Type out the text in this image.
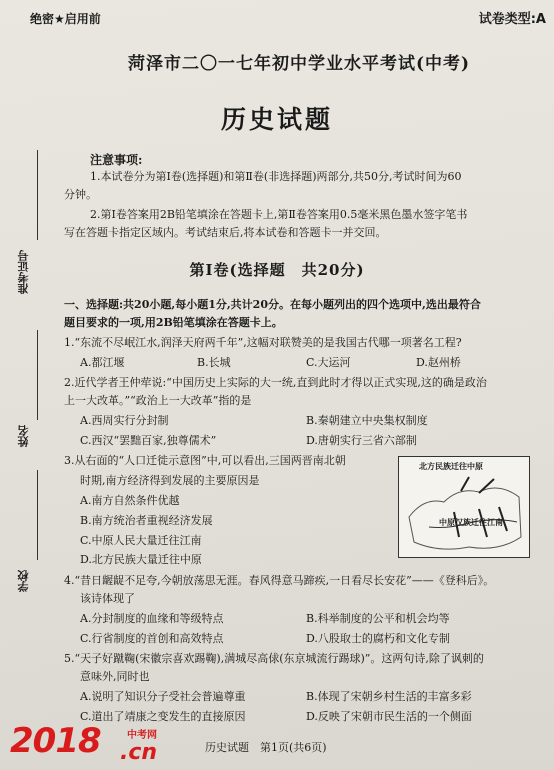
绝密★启用前	试卷类型:A
菏泽市二〇一七年初中学业水平考试(中考)
历史试题
注意事项:
1.本试卷分为第Ⅰ卷(选择题)和第Ⅱ卷(非选择题)两部分,共50分,考试时间为60
分钟。
2.第Ⅰ卷答案用2B铅笔填涂在答题卡上,第Ⅱ卷答案用0.5毫米黑色墨水签字笔书
写在答题卡指定区域内。考试结束后,将本试卷和答题卡一并交回。
第Ⅰ卷(选择题　共20分)
一、选择题:共20小题,每小题1分,共计20分。在每小题列出的四个选项中,选出最符合
题目要求的一项,用2B铅笔填涂在答题卡上。
1.“东流不尽岷江水,润泽天府两千年”,这幅对联赞美的是我国古代哪一项著名工程?
A.都江堰	B.长城	C.大运河	D.赵州桥
2.近代学者王仲荦说:“中国历史上实际的大一统,直到此时才得以正式实现,这的确是政治
上一大改革。”“政治上一大改革”指的是
A.西周实行分封制	B.秦朝建立中央集权制度
C.西汉“罢黜百家,独尊儒术”	D.唐朝实行三省六部制
3.从右面的“人口迁徙示意图”中,可以看出,三国两晋南北朝
时期,南方经济得到发展的主要原因是
A.南方自然条件优越
B.南方统治者重视经济发展
C.中原人民大量迁往江南
D.北方民族大量迁往中原
北方民族迁往中原
中原汉族迁往江南
4.“昔日龌龊不足夸,今朝放荡思无涯。春风得意马蹄疾,一日看尽长安花”——《登科后》。
该诗体现了
A.分封制度的血缘和等级特点	B.科举制度的公平和机会均等
C.行省制度的首创和高效特点	D.八股取士的腐朽和文化专制
5.“天子好蹴鞠(宋徽宗喜欢踢鞠),满城尽高俅(东京城流行踢球)”。这两句诗,除了讽刺的
意味外,同时也
A.说明了知识分子受社会普遍尊重	B.体现了宋朝乡村生活的丰富多彩
C.道出了靖康之变发生的直接原因	D.反映了宋朝市民生活的一个侧面
准考证号
姓名
学校
历史试题　第1页(共6页)
2018	中考网
.cn
